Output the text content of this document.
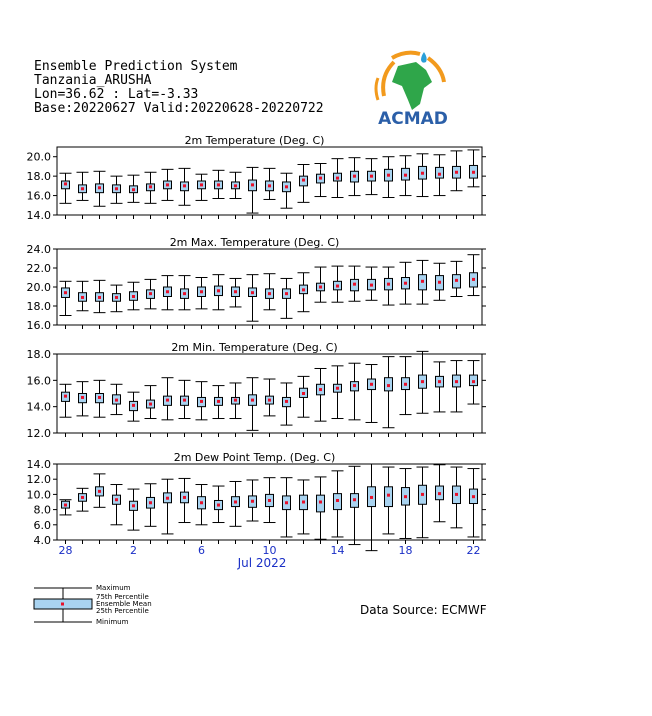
Ensemble Prediction System
Tanzania_ARUSHA
Lon=36.62 : Lat=-3.33
Base:20220627 Valid:20220628-20220722
ACMAD
2m Temperature (Deg. C)
14.0
16.0
18.0
20.0
2m Max. Temperature (Deg. C)
16.0
18.0
20.0
22.0
24.0
2m Min. Temperature (Deg. C)
12.0
14.0
16.0
18.0
2m Dew Point Temp. (Deg. C)
4.0
6.0
8.0
10.0
12.0
14.0
28	2	6	10	14	18	22
Jul 2022
Maximum
75th Percentile
Ensemble Mean
25th Percentile
Minimum
Data Source: ECMWF
